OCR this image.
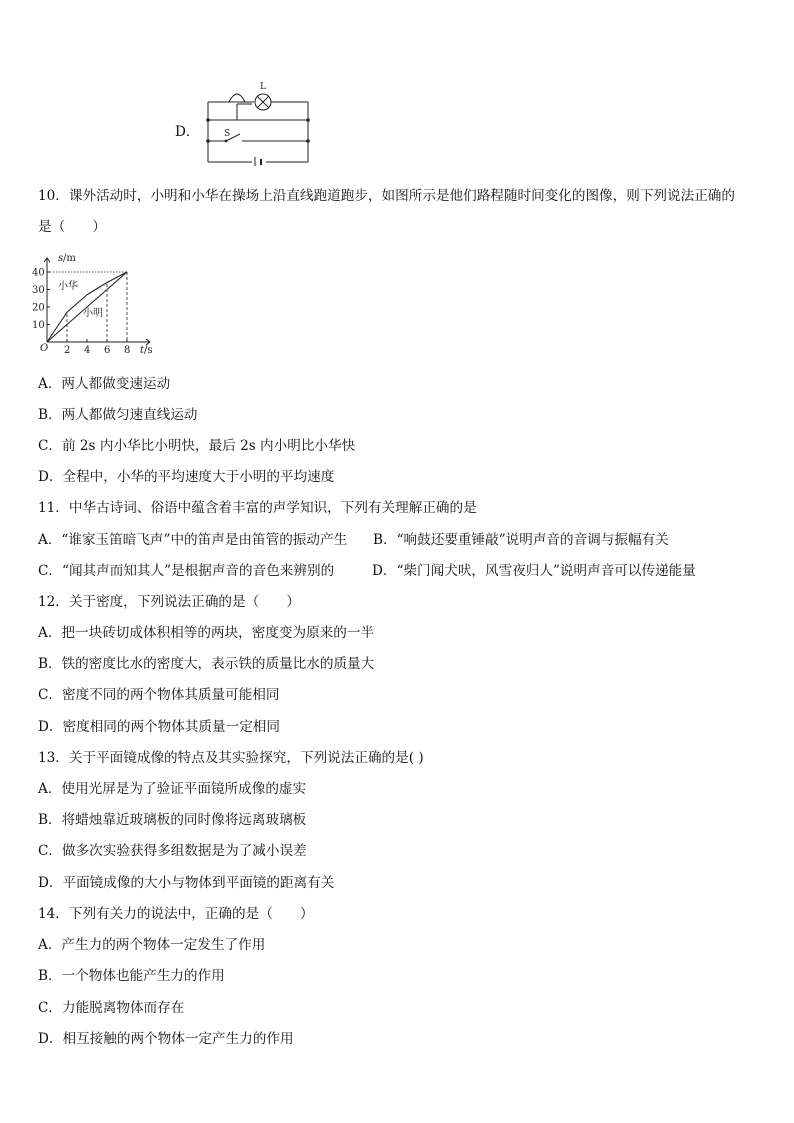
D．
L
S
10．课外活动时，小明和小华在操场上沿直线跑道跑步，如图所示是他们路程随时间变化的图像，则下列说法正确的
是（　　）
10
20
30
40
2 4 6 8
s /m
t /s
O
小华
小明
A．两人都做变速运动
B．两人都做匀速直线运动
C．前 2s 内小华比小明快，最后 2s 内小明比小华快
D．全程中，小华的平均速度大于小明的平均速度
11．中华古诗词、俗语中蕴含着丰富的声学知识，下列有关理解正确的是
A．“谁家玉笛暗飞声”中的笛声是由笛管的振动产生 B．“响鼓还要重锤敲”说明声音的音调与振幅有关
C．“闻其声而知其人”是根据声音的音色来辨别的	D．“柴门闻犬吠，风雪夜归人”说明声音可以传递能量
12．关于密度，下列说法正确的是（　　）
A．把一块砖切成体积相等的两块，密度变为原来的一半
B．铁的密度比水的密度大，表示铁的质量比水的质量大
C．密度不同的两个物体其质量可能相同
D．密度相同的两个物体其质量一定相同
13．关于平面镜成像的特点及其实验探究，下列说法正确的是( )
A．使用光屏是为了验证平面镜所成像的虚实
B．将蜡烛靠近玻璃板的同时像将远离玻璃板
C．做多次实验获得多组数据是为了减小误差
D．平面镜成像的大小与物体到平面镜的距离有关
14．下列有关力的说法中，正确的是（　　）
A．产生力的两个物体一定发生了作用
B．一个物体也能产生力的作用
C．力能脱离物体而存在
D．相互接触的两个物体一定产生力的作用
